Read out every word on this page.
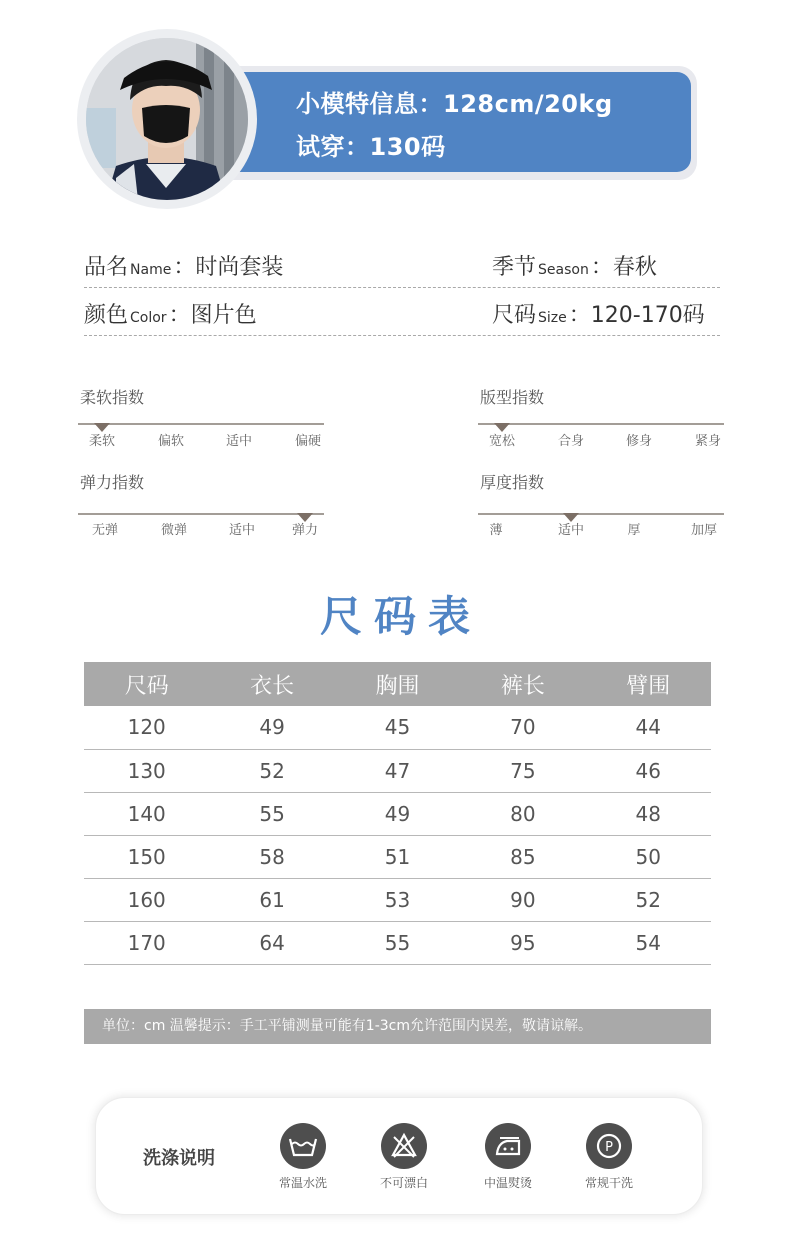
小模特信息：128cm/20kg
试穿：130码
品名 Name：时尚套装	季节 Season：春秋
颜色 Color：图片色	尺码 Size：120-170码
柔软指数
柔软	偏软	适中	偏硬
版型指数
宽松	合身	修身	紧身
弹力指数
无弹	微弹	适中	弹力
厚度指数
薄	适中	厚	加厚
尺码表
尺码	衣长	胸围	裤长	臂围
120	49	45	70	44
130	52	47	75	46
140	55	49	80	48
150	58	51	85	50
160	61	53	90	52
170	64	55	95	54
单位：cm 温馨提示：手工平铺测量可能有1-3cm允许范围内误差，敬请谅解。
洗涤说明
常温水洗	不可漂白	中温熨烫
P
常规干洗
